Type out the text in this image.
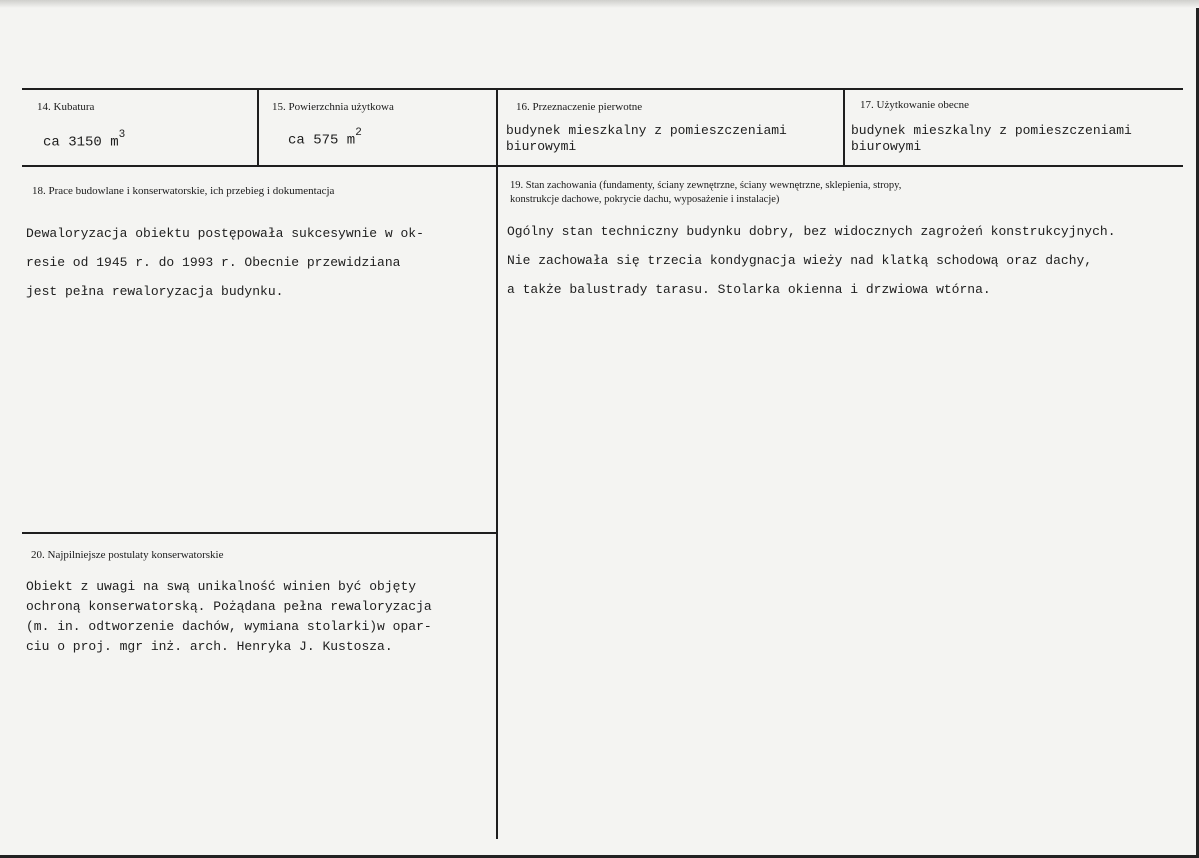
14. Kubatura
ca 3150 $m^3$
15. Powierzchnia użytkowa
ca 575 $m^2$
16. Przeznaczenie pierwotne
budynek mieszkalny z pomieszczeniami
biurowymi
17. Użytkowanie obecne
budynek mieszkalny z pomieszczeniami
biurowymi
18. Prace budowlane i konserwatorskie, ich przebieg i dokumentacja
Dewaloryzacja obiektu postępowała sukcesywnie w ok-
resie od 1945 r. do 1993 r. Obecnie przewidziana
jest pełna rewaloryzacja budynku.
19. Stan zachowania (fundamenty, ściany zewnętrzne, ściany wewnętrzne, sklepienia, stropy,
konstrukcje dachowe, pokrycie dachu, wyposażenie i instalacje)
Ogólny stan techniczny budynku dobry, bez widocznych zagrożeń konstrukcyjnych.
Nie zachowała się trzecia kondygnacja wieży nad klatką schodową oraz dachy,
a także balustrady tarasu. Stolarka okienna i drzwiowa wtórna.
20. Najpilniejsze postulaty konserwatorskie
Obiekt z uwagi na swą unikalność winien być objęty
ochroną konserwatorską. Pożądana pełna rewaloryzacja
(m. in. odtworzenie dachów, wymiana stolarki)w opar-
ciu o proj. mgr inż. arch. Henryka J. Kustosza.
